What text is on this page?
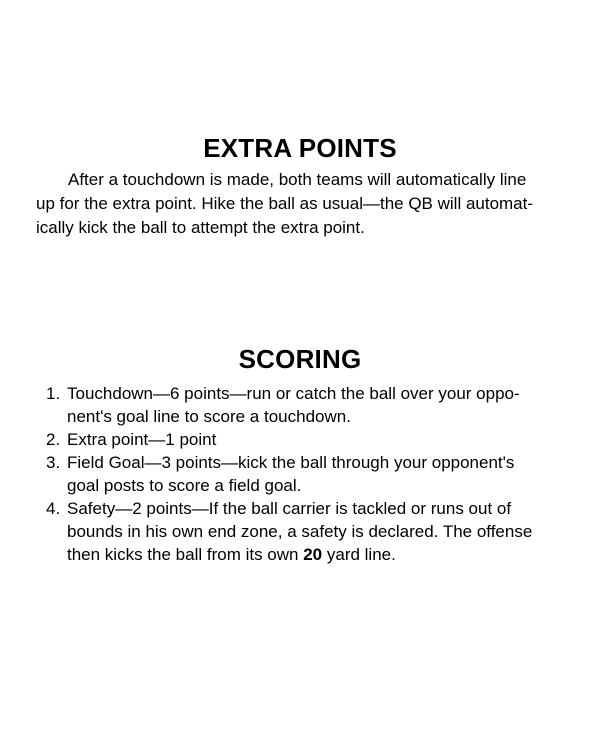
EXTRA POINTS

After a touchdown is made, both teams will automatically line
up for the extra point. Hike the ball as usual—the QB will automat-
ically kick the ball to attempt the extra point.

SCORING
1. Touchdown—6 points—run or catch the ball over your oppo-
nent's goal line to score a touchdown.
2. Extra point—1 point
3. Field Goal—3 points—kick the ball through your opponent's
goal posts to score a field goal.
4. Safety—2 points—If the ball carrier is tackled or runs out of
bounds in his own end zone, a safety is declared. The offense
then kicks the ball from its own 20 yard line.
